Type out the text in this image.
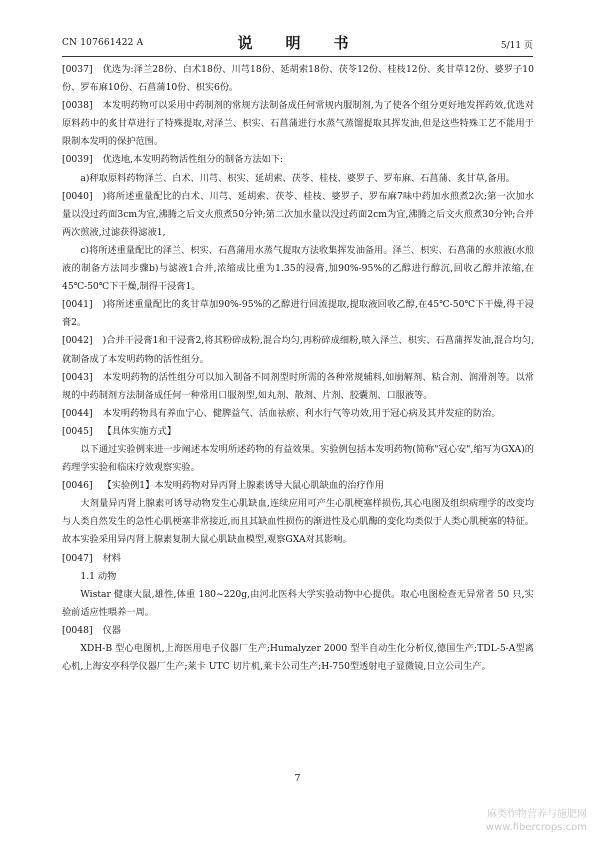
CN 107661422 A	说　明　书	5/11 页

[0037] 优选为:泽兰28份、白术18份、川芎18份、延胡索18份、茯苓12份、桂枝12份、炙甘草12份、婆罗子10份、罗布麻10份、石菖蒲10份、枳实6份。

[0038] 本发明药物可以采用中药制剂的常规方法制备成任何常规内服制剂,为了使各个组分更好地发挥药效,优选对原料药中的炙甘草进行了特殊提取,对泽兰、枳实、石菖蒲进行水蒸气蒸馏提取其挥发油,但是这些特殊工艺不能用于限制本发明的保护范围。

[0039] 优选地,本发明药物活性组分的制备方法如下:

a)秤取原料药物泽兰、白术、川芎、枳实、延胡索、茯苓、桂枝、婆罗子、罗布麻、石菖蒲、炙甘草,备用。

[0040] )将所述重量配比的白术、川芎、延胡索、茯苓、桂枝、婆罗子、罗布麻7味中药加水煎煮2次;第一次加水量以没过药面3cm为宜,沸腾之后文火煎煮50分钟;第二次加水量以没过药面2cm为宜,沸腾之后文火煎煮30分钟;合并两次煎液,过滤获得滤液1,

c)将所述重量配比的泽兰、枳实、石菖蒲用水蒸气提取方法收集挥发油备用。泽兰、枳实、石菖蒲的水煎液(水煎液的制备方法同步骤b)与滤液1合并,浓缩成比重为1.35的浸膏,加90%-95%的乙醇进行醇沉,回收乙醇并浓缩,在45℃-50℃下干燥,制得干浸膏1。

[0041] )将所述重量配比的炙甘草加90%-95%的乙醇进行回流提取,提取液回收乙醇,在45℃-50℃下干燥,得干浸膏2。

[0042] )合并干浸膏1和干浸膏2,将其粉碎成粉,混合均匀,再粉碎成细粉,喷入泽兰、枳实、石菖蒲挥发油,混合均匀,就制备成了本发明药物的活性组分。

[0043] 本发明药物的活性组分可以加入制备不同剂型时所需的各种常规辅料,如崩解剂、粘合剂、润滑剂等。以常规的中药制剂方法制备成任何一种常用口服剂型,如丸剂、散剂、片剂、胶囊剂、口服液等。

[0044] 本发明药物具有养血宁心、健脾益气、活血祛瘀、利水行气等功效,用于冠心病及其并发症的防治。

[0045] 【具体实施方式】

以下通过实验例来进一步阐述本发明所述药物的有益效果。实验例包括本发明药物(简称"冠心安",缩写为GXA)的药理学实验和临床疗效观察实验。

[0046] 【实验例1】本发明药物对异丙肾上腺素诱导大鼠心肌缺血的治疗作用

大剂量异丙肾上腺素可诱导动物发生心肌缺血,连续应用可产生心肌梗塞样损伤,其心电图及组织病理学的改变均与人类自然发生的急性心肌梗塞非常接近,而且其缺血性损伤的渐进性及心肌酶的变化均类似于人类心肌梗塞的特征。故本实验采用异丙肾上腺素复制大鼠心肌缺血模型,观察GXA对其影响。

[0047] 材料

1.1 动物

Wistar 健康大鼠,雄性,体重 180~220g,由河北医科大学实验动物中心提供。取心电图检查无异常者 50 只,实验前适应性喂养一周。

[0048] 仪器

XDH-B 型心电图机,上海医用电子仪器厂生产;Humalyzer 2000 型半自动生化分析仪,德国生产;TDL-5-A型离心机,上海安亭科学仪器厂生产;莱卡 UTC 切片机,莱卡公司生产;H-750型透射电子显微镜,日立公司生产。

7
麻类作物营养与施肥网
www.fibercrops.com
